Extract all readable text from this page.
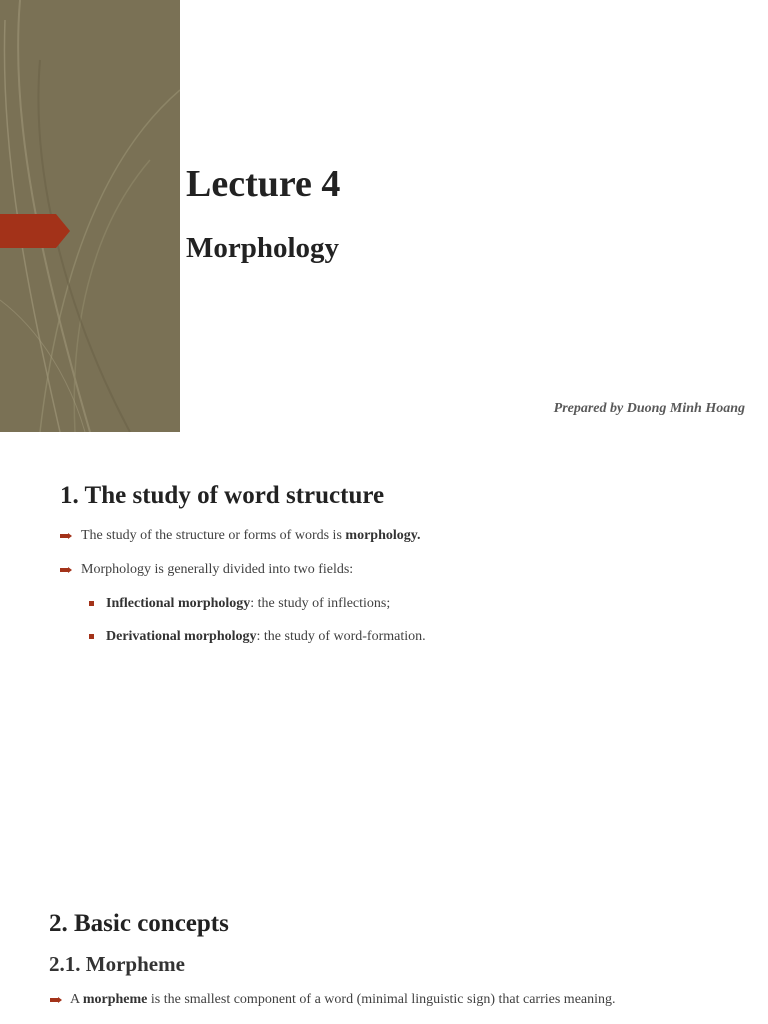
Lecture 4
Morphology
Prepared by Duong Minh Hoang
1. The study of word structure
The study of the structure or forms of words is morphology.
Morphology is generally divided into two fields:
Inflectional morphology: the study of inflections;
Derivational morphology: the study of word-formation.
2. Basic concepts
2.1. Morpheme
A morpheme is the smallest component of a word (minimal linguistic sign) that carries meaning.
